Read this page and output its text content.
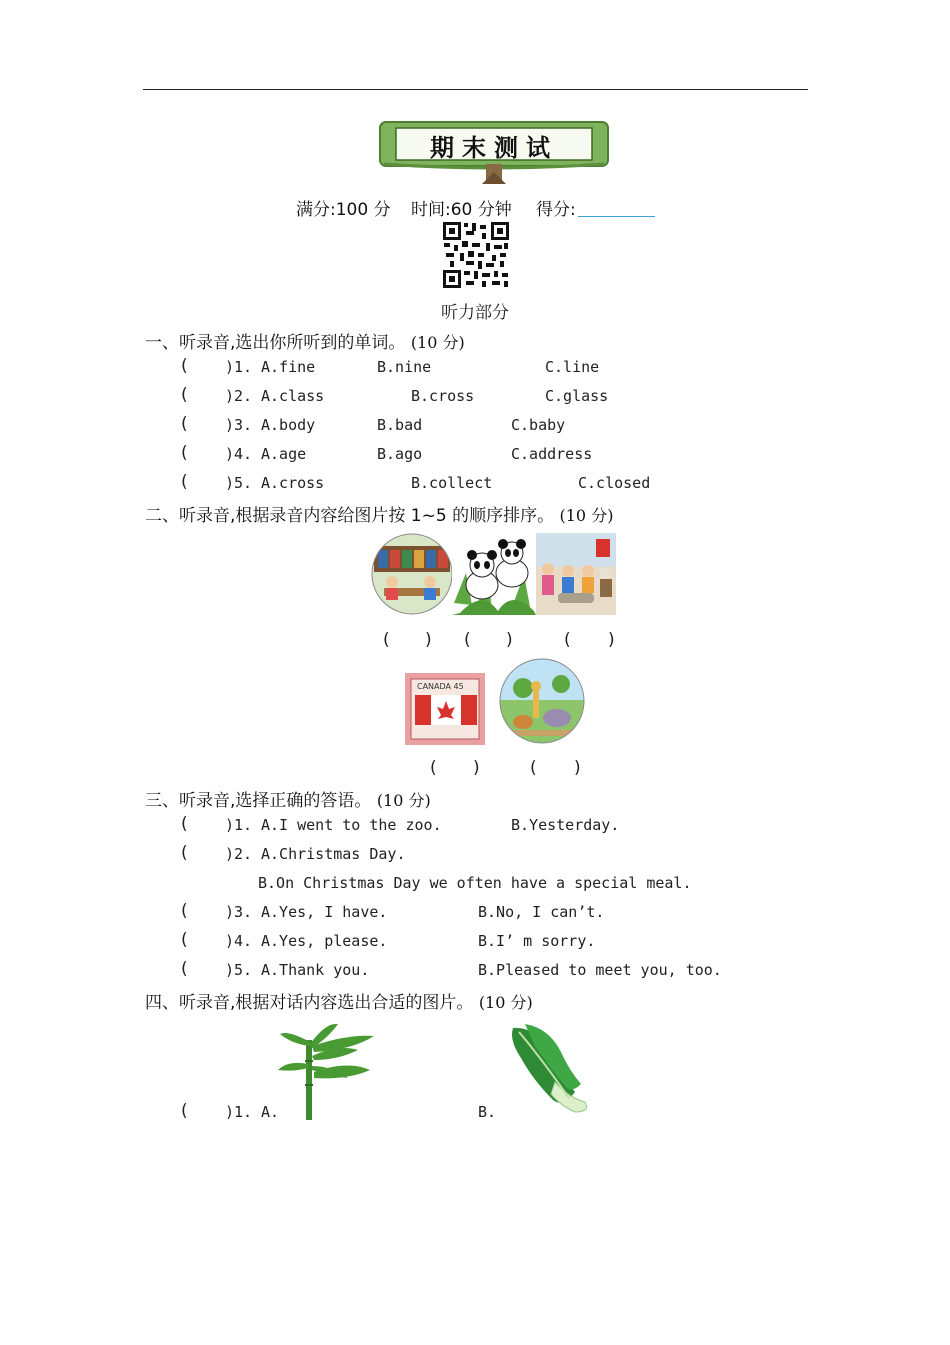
期末测试
满分:100 分 时间:60 分钟 得分:
听力部分
一、听录音,选出你所听到的单词。 (10 分)
( )1. A.fine	B.nine	C.line
( )2. A.class	B.cross	C.glass
( )3. A.body	B.bad	C.baby
( )4. A.age	B.ago	C.address
( )5. A.cross	B.collect	C.closed
二、听录音,根据录音内容给图片按 1~5 的顺序排序。 (10 分)
( ) ( )	( )
CANADA 45
( )	( )
三、听录音,选择正确的答语。 (10 分)
( )1. A.I went to the zoo.	B.Yesterday.
( )2. A.Christmas Day.
B.On Christmas Day we often have a special meal.
( )3. A.Yes, I have.	B.No, I can’t.
( )4. A.Yes, please.	B.I’ m sorry.
( )5. A.Thank you.	B.Pleased to meet you, too.
四、听录音,根据对话内容选出合适的图片。 (10 分)
( )1. A.	B.
